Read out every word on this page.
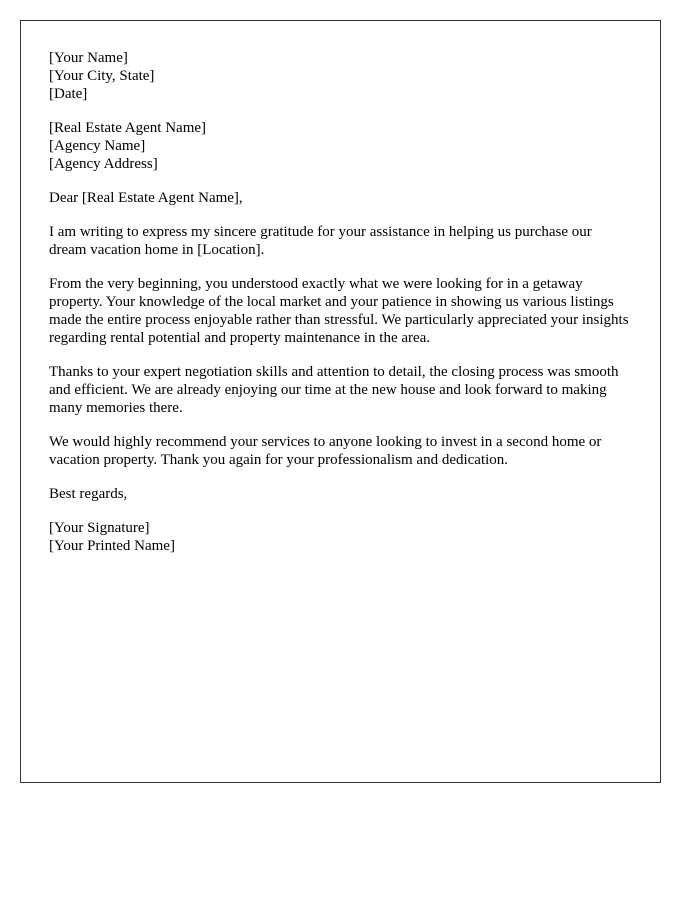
[Your Name]
[Your City, State]
[Date]
[Real Estate Agent Name]
[Agency Name]
[Agency Address]

Dear [Real Estate Agent Name],

I am writing to express my sincere gratitude for your assistance in helping us purchase our dream vacation home in [Location].

From the very beginning, you understood exactly what we were looking for in a getaway property. Your knowledge of the local market and your patience in showing us various listings made the entire process enjoyable rather than stressful. We particularly appreciated your insights regarding rental potential and property maintenance in the area.

Thanks to your expert negotiation skills and attention to detail, the closing process was smooth and efficient. We are already enjoying our time at the new house and look forward to making many memories there.

We would highly recommend your services to anyone looking to invest in a second home or vacation property. Thank you again for your professionalism and dedication.

Best regards,

[Your Signature]
[Your Printed Name]
